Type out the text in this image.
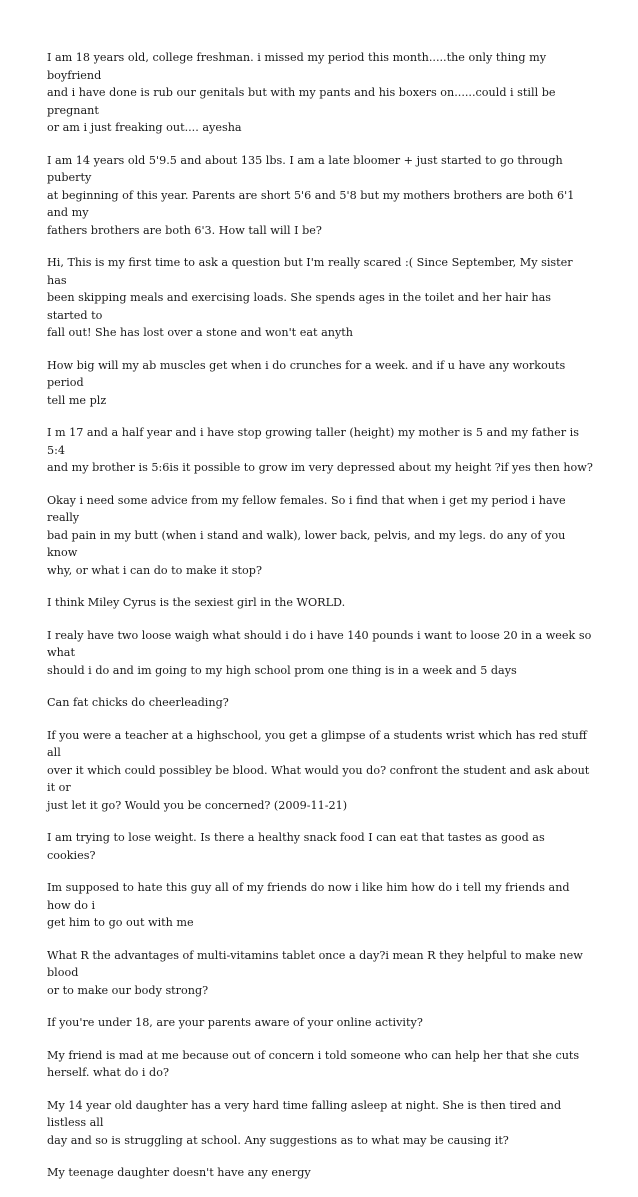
I am 18 years old, college freshman. i missed my period this month.....the only thing my boyfriend
and i have done is rub our genitals but with my pants and his boxers on......could i still be pregnant
or am i just freaking out.... ayesha

I am 14 years old 5'9.5 and about 135 lbs. I am a late bloomer + just started to go through puberty
at beginning of this year. Parents are short 5'6 and 5'8 but my mothers brothers are both 6'1 and my
fathers brothers are both 6'3. How tall will I be?

Hi, This is my first time to ask a question but I'm really scared :( Since September, My sister has
been skipping meals and exercising loads. She spends ages in the toilet and her hair has started to
fall out! She has lost over a stone and won't eat anyth

How big will my ab muscles get when i do crunches for a week. and if u have any workouts period
tell me plz

I m 17 and a half year and i have stop growing taller (height) my mother is 5 and my father is 5:4
and my brother is 5:6is it possible to grow im very depressed about my height ?if yes then how?

Okay i need some advice from my fellow females. So i find that when i get my period i have really
bad pain in my butt (when i stand and walk), lower back, pelvis, and my legs. do any of you know
why, or what i can do to make it stop?

I think Miley Cyrus is the sexiest girl in the WORLD.

I realy have two loose waigh what should i do i have 140 pounds i want to loose 20 in a week so what
should i do and im going to my high school prom one thing is in a week and 5 days

Can fat chicks do cheerleading?

If you were a teacher at a highschool, you get a glimpse of a students wrist which has red stuff all
over it which could possibley be blood. What would you do? confront the student and ask about it or
just let it go? Would you be concerned? (2009-11-21)

I am trying to lose weight. Is there a healthy snack food I can eat that tastes as good as cookies?

Im supposed to hate this guy all of my friends do now i like him how do i tell my friends and how do i
get him to go out with me

What R the advantages of multi-vitamins tablet once a day?i mean R they helpful to make new blood
or to make our body strong?

If you're under 18, are your parents aware of your online activity?

My friend is mad at me because out of concern i told someone who can help her that she cuts
herself. what do i do?

My 14 year old daughter has a very hard time falling asleep at night. She is then tired and listless all
day and so is struggling at school. Any suggestions as to what may be causing it?

My teenage daughter doesn't have any energy
